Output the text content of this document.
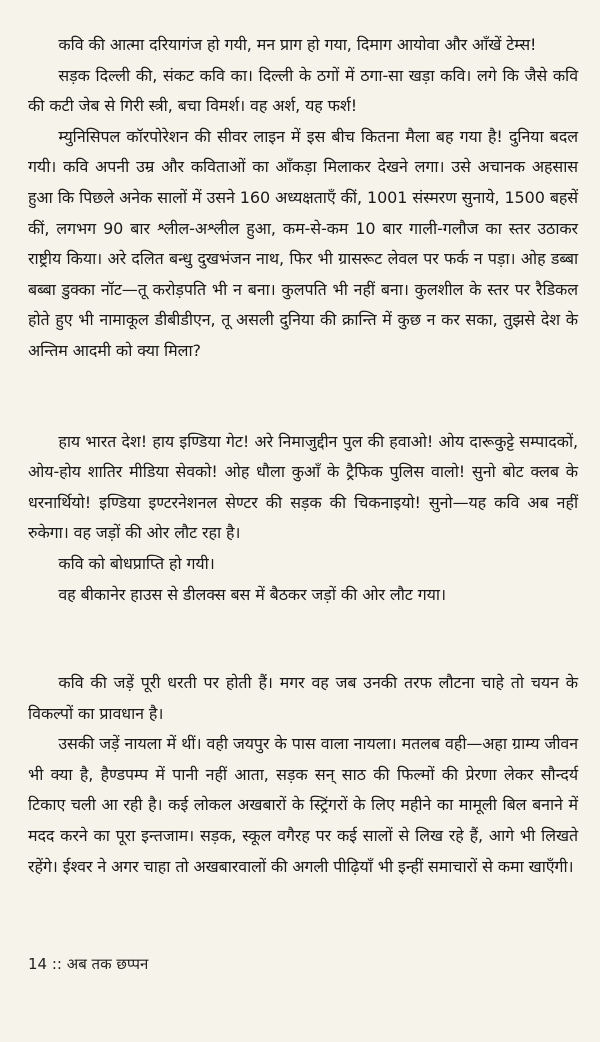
कवि की आत्मा दरियागंज हो गयी, मन प्राग हो गया, दिमाग आयोवा और आँखें टेम्स!

सड़क दिल्ली की, संकट कवि का। दिल्ली के ठगों में ठगा-सा खड़ा कवि। लगे कि जैसे कवि की कटी जेब से गिरी स्त्री, बचा विमर्श। वह अर्श, यह फर्श!

म्युनिसिपल कॉरपोरेशन की सीवर लाइन में इस बीच कितना मैला बह गया है! दुनिया बदल गयी। कवि अपनी उम्र और कविताओं का आँकड़ा मिलाकर देखने लगा। उसे अचानक अहसास हुआ कि पिछले अनेक सालों में उसने 160 अध्यक्षताएँ कीं, 1001 संस्मरण सुनाये, 1500 बहसें कीं, लगभग 90 बार श्लील-अश्लील हुआ, कम-से-कम 10 बार गाली-गलौज का स्तर उठाकर राष्ट्रीय किया। अरे दलित बन्धु दुखभंजन नाथ, फिर भी ग्रासरूट लेवल पर फर्क न पड़ा। ओह डब्बा बब्बा डुक्का नॉट—तू करोड़पति भी न बना। कुलपति भी नहीं बना। कुलशील के स्तर पर रैडिकल होते हुए भी नामाकूल डीबीडीएन, तू असली दुनिया की क्रान्ति में कुछ न कर सका, तुझसे देश के अन्तिम आदमी को क्या मिला?

हाय भारत देश! हाय इण्डिया गेट! अरे निमाजुद्दीन पुल की हवाओ! ओय दारूकुट्टे सम्पादकों, ओय-होय शातिर मीडिया सेवको! ओह धौला कुआँ के ट्रैफिक पुलिस वालो! सुनो बोट क्लब के धरनार्थियो! इण्डिया इण्टरनेशनल सेण्टर की सड़क की चिकनाइयो! सुनो—यह कवि अब नहीं रुकेगा। वह जड़ों की ओर लौट रहा है।

कवि को बोधप्राप्ति हो गयी।

वह बीकानेर हाउस से डीलक्स बस में बैठकर जड़ों की ओर लौट गया।

कवि की जड़ें पूरी धरती पर होती हैं। मगर वह जब उनकी तरफ लौटना चाहे तो चयन के विकल्पों का प्रावधान है।

उसकी जड़ें नायला में थीं। वही जयपुर के पास वाला नायला। मतलब वही—अहा ग्राम्य जीवन भी क्या है, हैण्डपम्प में पानी नहीं आता, सड़क सन् साठ की फिल्मों की प्रेरणा लेकर सौन्दर्य टिकाए चली आ रही है। कई लोकल अखबारों के स्ट्रिंगरों के लिए महीने का मामूली बिल बनाने में मदद करने का पूरा इन्तजाम। सड़क, स्कूल वगैरह पर कई सालों से लिख रहे हैं, आगे भी लिखते रहेंगे। ईश्वर ने अगर चाहा तो अखबारवालों की अगली पीढ़ियाँ भी इन्हीं समाचारों से कमा खाएँगी।

14 :: अब तक छप्पन
